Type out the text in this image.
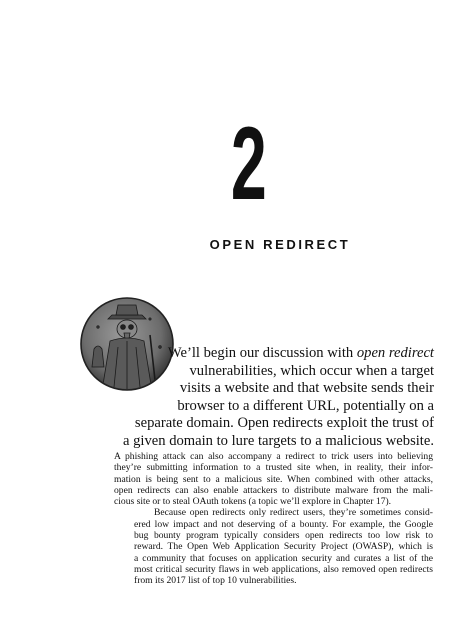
2
OPEN REDIRECT
We’ll begin our discussion with open redirect
vulnerabilities, which occur when a target
visits a website and that website sends their
browser to a different URL, potentially on a
separate domain. Open redirects exploit the trust of
a given domain to lure targets to a malicious website.

A phishing attack can also accompany a redirect to trick users into believing
they’re submitting information to a trusted site when, in reality, their infor-
mation is being sent to a malicious site. When combined with other attacks,
open redirects can also enable attackers to distribute malware from the mali-
cious site or to steal OAuth tokens (a topic we’ll explore in Chapter 17).

Because open redirects only redirect users, they’re sometimes consid-
ered low impact and not deserving of a bounty. For example, the Google
bug bounty program typically considers open redirects too low risk to
reward. The Open Web Application Security Project (OWASP), which is
a community that focuses on application security and curates a list of the
most critical security flaws in web applications, also removed open redirects
from its 2017 list of top 10 vulnerabilities.
